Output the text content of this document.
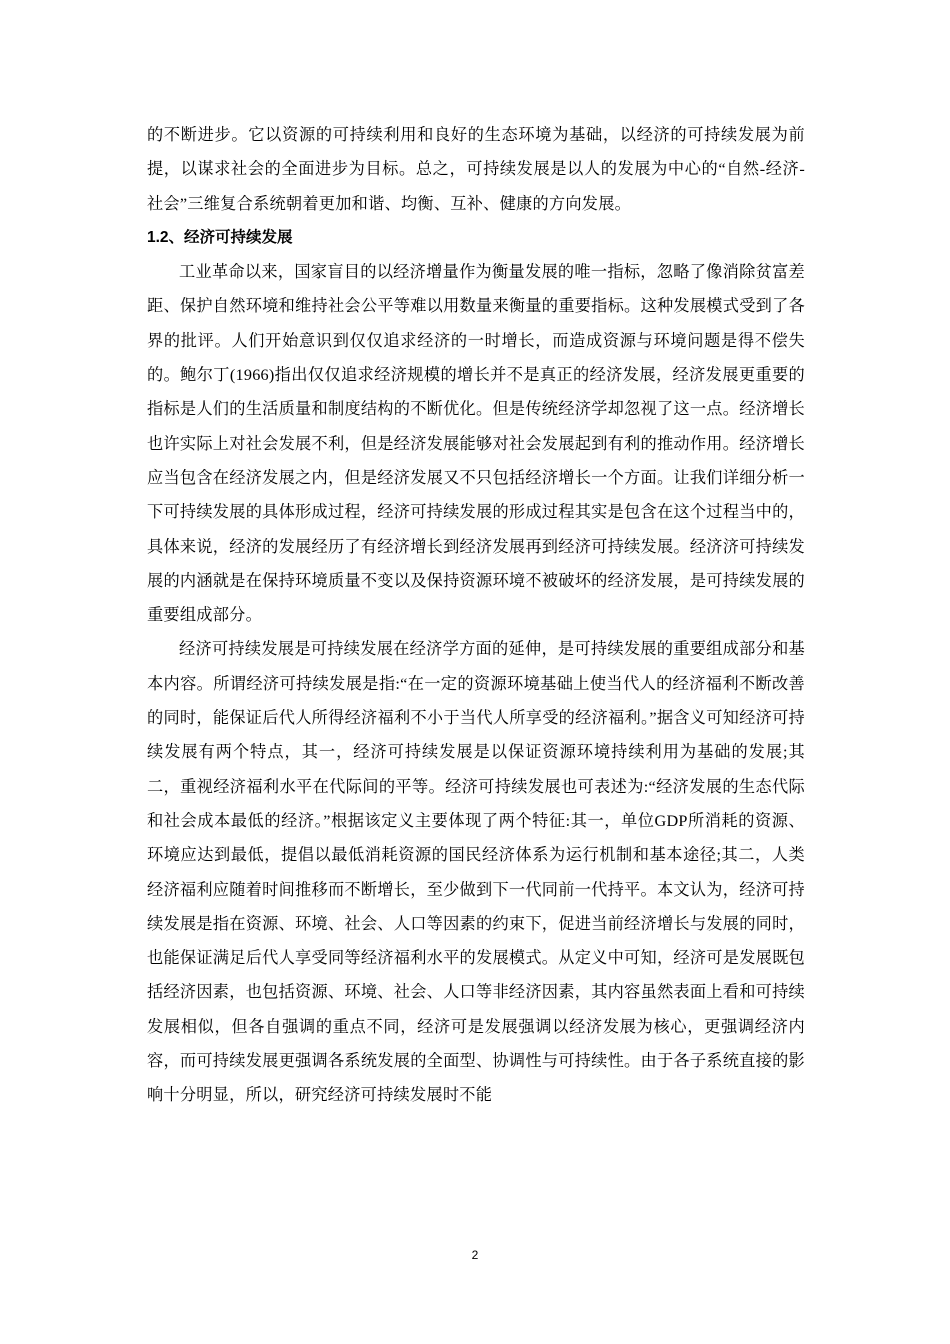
的不断进步。它以资源的可持续利用和良好的生态环境为基础，以经济的可持续发展为前提，以谋求社会的全面进步为目标。总之，可持续发展是以人的发展为中心的“自然-经济-社会”三维复合系统朝着更加和谐、均衡、互补、健康的方向发展。

1.2、经济可持续发展

工业革命以来，国家盲目的以经济增量作为衡量发展的唯一指标，忽略了像消除贫富差距、保护自然环境和维持社会公平等难以用数量来衡量的重要指标。这种发展模式受到了各界的批评。人们开始意识到仅仅追求经济的一时增长，而造成资源与环境问题是得不偿失的。鲍尔丁(1966)指出仅仅追求经济规模的增长并不是真正的经济发展，经济发展更重要的指标是人们的生活质量和制度结构的不断优化。但是传统经济学却忽视了这一点。经济增长也许实际上对社会发展不利，但是经济发展能够对社会发展起到有利的推动作用。经济增长应当包含在经济发展之内，但是经济发展又不只包括经济增长一个方面。让我们详细分析一下可持续发展的具体形成过程，经济可持续发展的形成过程其实是包含在这个过程当中的，具体来说，经济的发展经历了有经济增长到经济发展再到经济可持续发展。经济济可持续发展的内涵就是在保持环境质量不变以及保持资源环境不被破坏的经济发展，是可持续发展的重要组成部分。

经济可持续发展是可持续发展在经济学方面的延伸，是可持续发展的重要组成部分和基本内容。所谓经济可持续发展是指:“在一定的资源环境基础上使当代人的经济福利不断改善的同时，能保证后代人所得经济福利不小于当代人所享受的经济福利。”据含义可知经济可持续发展有两个特点，其一，经济可持续发展是以保证资源环境持续利用为基础的发展;其二，重视经济福利水平在代际间的平等。经济可持续发展也可表述为:“经济发展的生态代际和社会成本最低的经济。”根据该定义主要体现了两个特征:其一，单位GDP所消耗的资源、环境应达到最低，提倡以最低消耗资源的国民经济体系为运行机制和基本途径;其二，人类经济福利应随着时间推移而不断增长，至少做到下一代同前一代持平。本文认为，经济可持续发展是指在资源、环境、社会、人口等因素的约束下，促进当前经济增长与发展的同时，也能保证满足后代人享受同等经济福利水平的发展模式。从定义中可知，经济可是发展既包括经济因素，也包括资源、环境、社会、人口等非经济因素，其内容虽然表面上看和可持续发展相似，但各自强调的重点不同，经济可是发展强调以经济发展为核心，更强调经济内容，而可持续发展更强调各系统发展的全面型、协调性与可持续性。由于各子系统直接的影响十分明显，所以，研究经济可持续发展时不能

2
